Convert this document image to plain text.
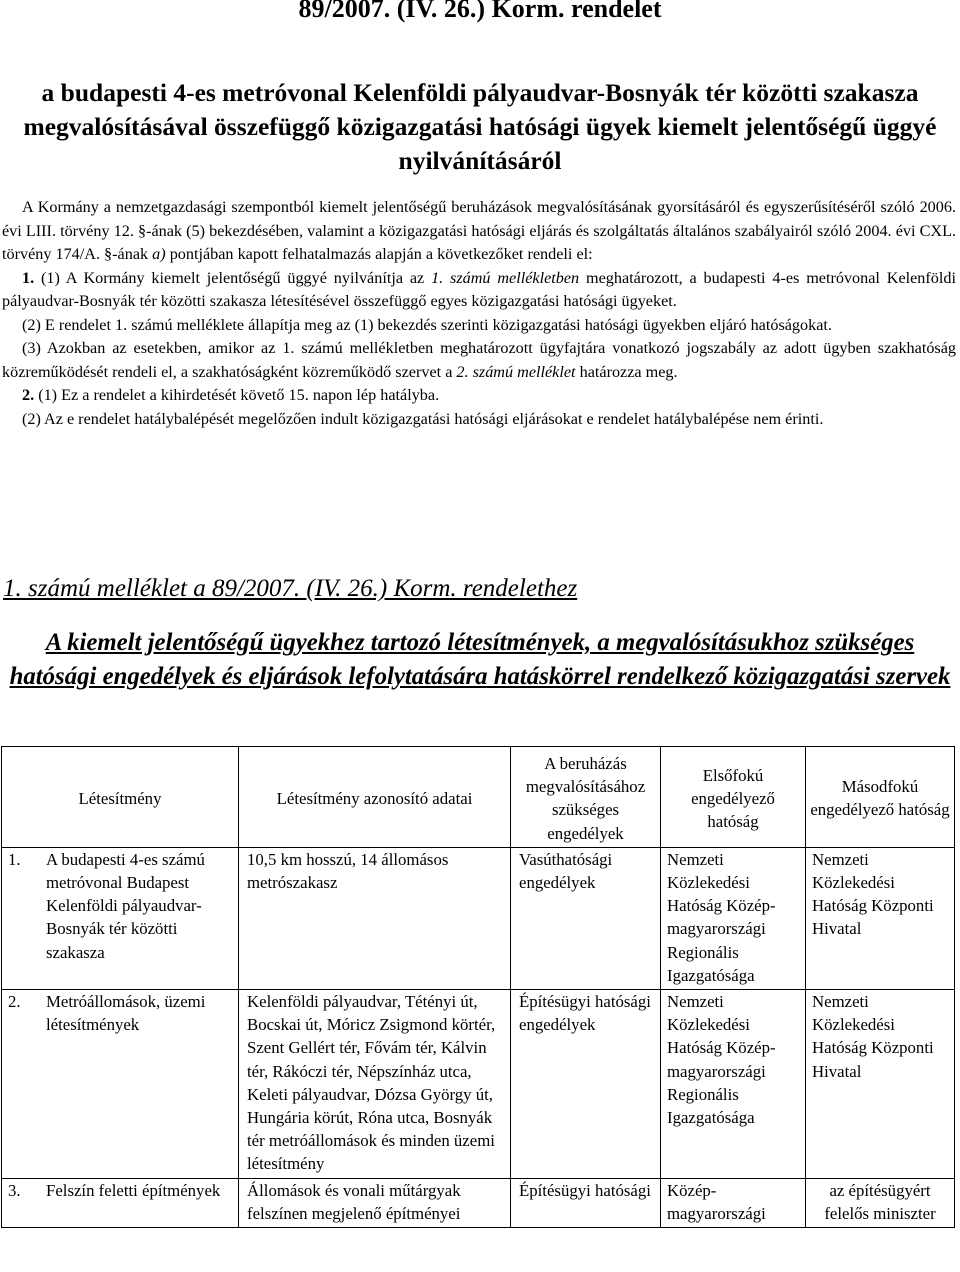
89/2007. (IV. 26.) Korm. rendelet
a budapesti 4-es metróvonal Kelenföldi pályaudvar-Bosnyák tér közötti szakasza megvalósításával összefüggő közigazgatási hatósági ügyek kiemelt jelentőségű üggyé nyilvánításáról

A Kormány a nemzetgazdasági szempontból kiemelt jelentőségű beruházások megvalósításának gyorsításáról és egyszerűsítéséről szóló 2006. évi LIII. törvény 12. §-ának (5) bekezdésében, valamint a közigazgatási hatósági eljárás és szolgáltatás általános szabályairól szóló 2004. évi CXL. törvény 174/A. §-ának a) pontjában kapott felhatalmazás alapján a következőket rendeli el:

1. (1) A Kormány kiemelt jelentőségű üggyé nyilvánítja az 1. számú mellékletben meghatározott, a budapesti 4-es metróvonal Kelenföldi pályaudvar-Bosnyák tér közötti szakasza létesítésével összefüggő egyes közigazgatási hatósági ügyeket.

(2) E rendelet 1. számú melléklete állapítja meg az (1) bekezdés szerinti közigazgatási hatósági ügyekben eljáró hatóságokat.

(3) Azokban az esetekben, amikor az 1. számú mellékletben meghatározott ügyfajtára vonatkozó jogszabály az adott ügyben szakhatóság közreműködését rendeli el, a szakhatóságként közreműködő szervet a 2. számú melléklet határozza meg.

2. (1) Ez a rendelet a kihirdetését követő 15. napon lép hatályba.

(2) Az e rendelet hatálybalépését megelőzően indult közigazgatási hatósági eljárásokat e rendelet hatálybalépése nem érinti.

1. számú melléklet a 89/2007. (IV. 26.) Korm. rendelethez
A kiemelt jelentőségű ügyekhez tartozó létesítmények, a megvalósításukhoz szükséges hatósági engedélyek és eljárások lefolytatására hatáskörrel rendelkező közigazgatási szervek
Létesítmény	Létesítmény azonosító adatai	A beruházás megvalósításához szükséges engedélyek	Elsőfokú engedélyező hatóság	Másodfokú engedélyező hatóság

1. A budapesti 4-es számú metróvonal Budapest Kelenföldi pályaudvar-Bosnyák tér közötti szakasza	10,5 km hosszú, 14 állomásos metrószakasz	Vasúthatósági engedélyek	Nemzeti Közlekedési Hatóság Közép-magyarországi Regionális Igazgatósága	Nemzeti Közlekedési Hatóság Központi Hivatal

2. Metróállomások, üzemi létesítmények	Kelenföldi pályaudvar, Tétényi út, Bocskai út, Móricz Zsigmond körtér, Szent Gellért tér, Fővám tér, Kálvin tér, Rákóczi tér, Népszínház utca, Keleti pályaudvar, Dózsa György út, Hungária körút, Róna utca, Bosnyák tér metróállomások és minden üzemi létesítmény	Építésügyi hatósági engedélyek	Nemzeti Közlekedési Hatóság Közép-magyarországi Regionális Igazgatósága	Nemzeti Közlekedési Hatóság Központi Hivatal

3. Felszín feletti építmények	Állomások és vonali műtárgyak felszínen megjelenő építményei	Építésügyi hatósági	Közép-magyarországi	az építésügyért felelős miniszter
